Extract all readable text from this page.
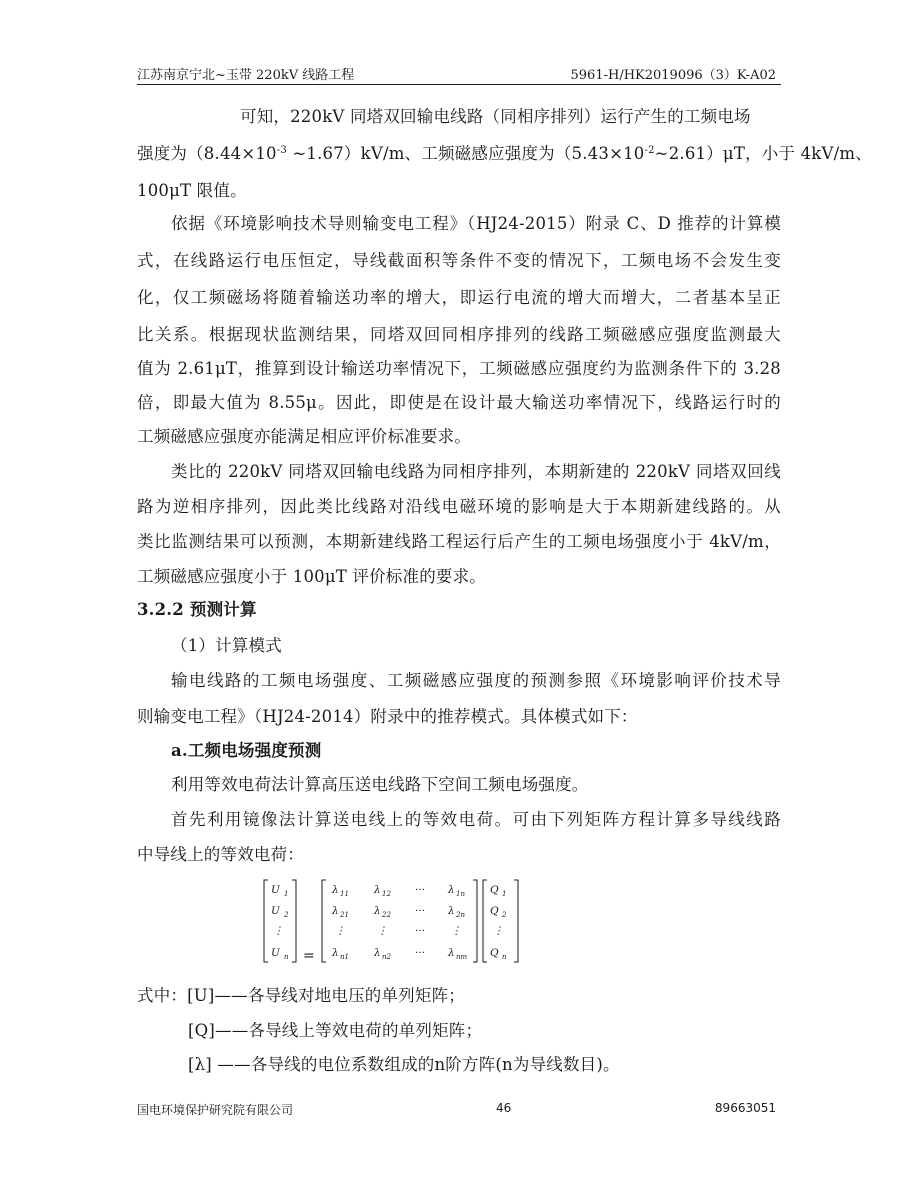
江苏南京宁北~玉带 220kV 线路工程	5961-H/HK2019096（3）K-A02
可知，220kV 同塔双回输电线路（同相序排列）运行产生的工频电场
强度为（$8.44\times 10^{-3}$ ~1.67）kV/m、工频磁感应强度为$(5.43\times 10^{-2}\sim 2.61)\mu T$，小于 4kV/m、
100μT 限值。
依据《环境影响技术导则输变电工程》（HJ24-2015）附录 C、D 推荐的计算模
式，在线路运行电压恒定，导线截面积等条件不变的情况下，工频电场不会发生变
化，仅工频磁场将随着输送功率的增大，即运行电流的增大而增大，二者基本呈正
比关系。根据现状监测结果，同塔双回同相序排列的线路工频磁感应强度监测最大
值为 2.61μT，推算到设计输送功率情况下，工频磁感应强度约为监测条件下的 3.28
倍，即最大值为 8.55μ。因此，即使是在设计最大输送功率情况下，线路运行时的
工频磁感应强度亦能满足相应评价标准要求。
类比的 220kV 同塔双回输电线路为同相序排列，本期新建的 220kV 同塔双回线
路为逆相序排列，因此类比线路对沿线电磁环境的影响是大于本期新建线路的。从
类比监测结果可以预测，本期新建线路工程运行后产生的工频电场强度小于 4kV/m，
工频磁感应强度小于 100μT 评价标准的要求。
3.2.2 预测计算
（1）计算模式
输电线路的工频电场强度、工频磁感应强度的预测参照《环境影响评价技术导
则输变电工程》（HJ24-2014）附录中的推荐模式。具体模式如下：
a.工频电场强度预测
利用等效电荷法计算高压送电线路下空间工频电场强度。
首先利用镜像法计算送电线上的等效电荷。可由下列矩阵方程计算多导线线路
中导线上的等效电荷：
U 1
U 2
⋮
U n =
λ 11 λ 12 ··· λ 1n
λ 21 λ 22 ··· λ 2n
⋮	⋮	··· ⋮
λ n1 λ n2 ··· λ nm
Q 1
Q 2
⋮
Q n
式中：[U]——各导线对地电压的单列矩阵；
[Q]——各导线上等效电荷的单列矩阵；
[λ] ——各导线的电位系数组成的n阶方阵(n为导线数目)。
国电环境保护研究院有限公司	46	89663051
